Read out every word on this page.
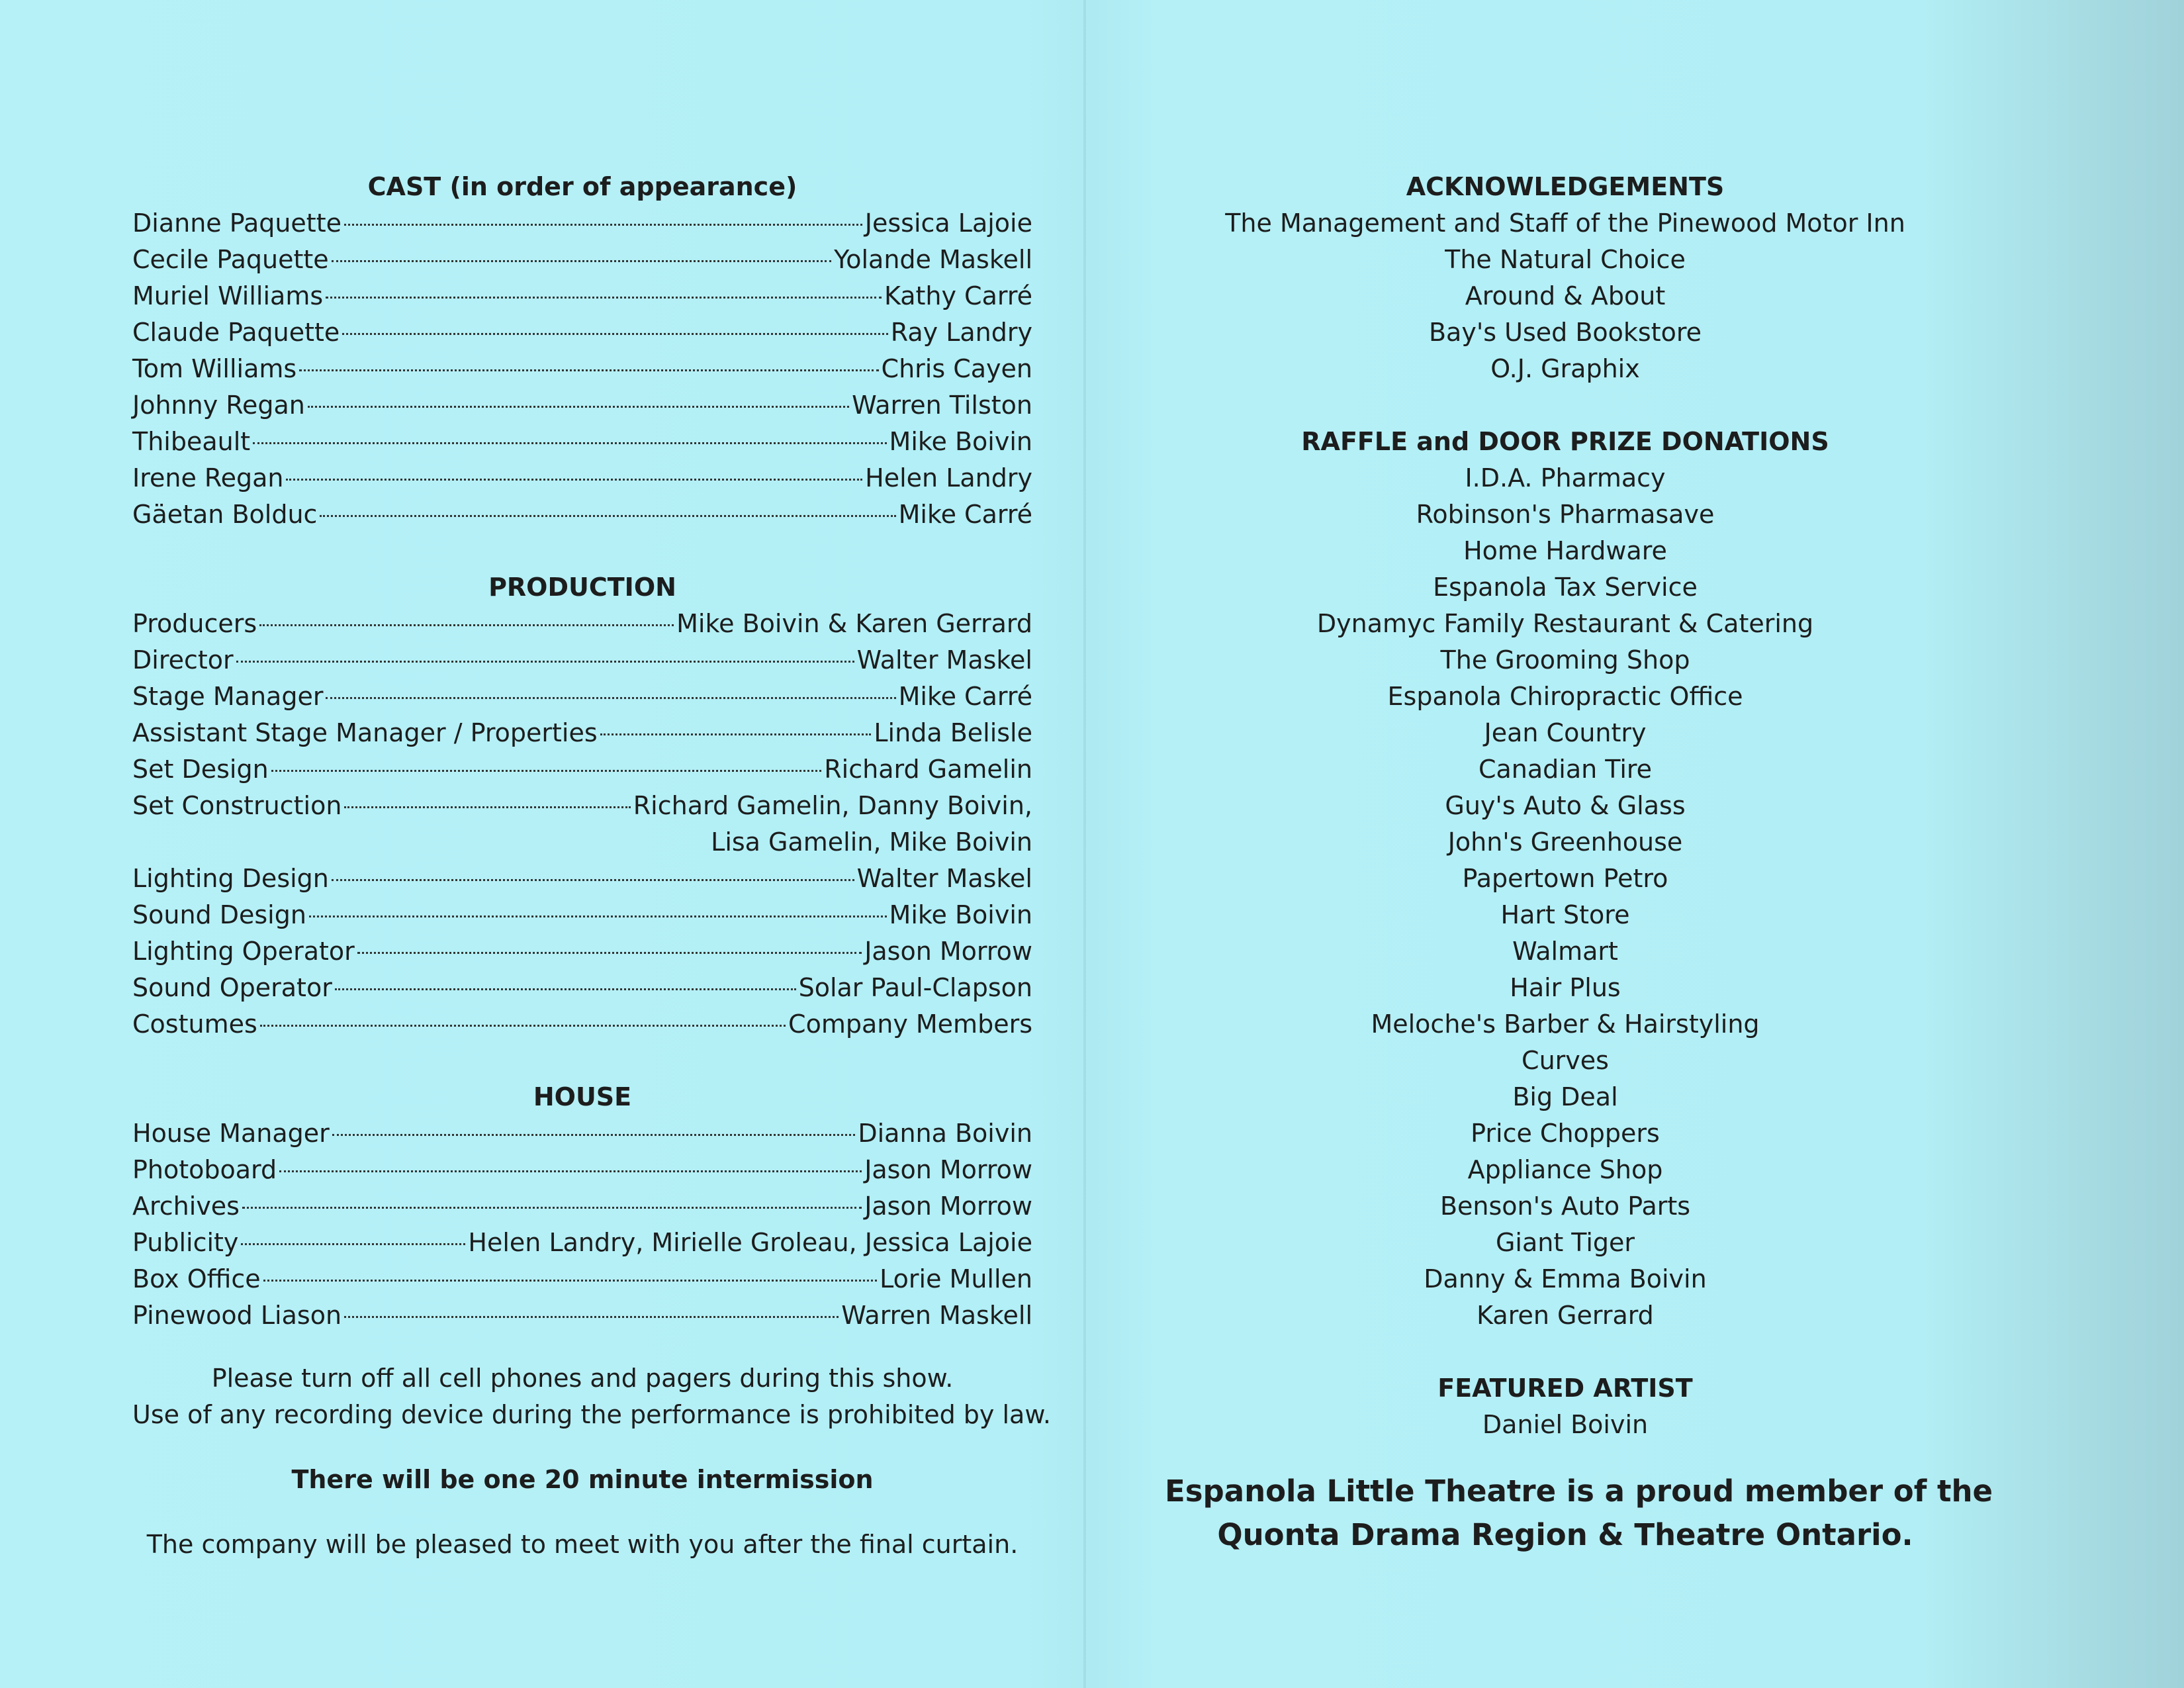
CAST (in order of appearance)
Dianne Paquette	Jessica Lajoie
Cecile Paquette	Yolande Maskell
Muriel Williams	Kathy Carré
Claude Paquette	Ray Landry
Tom Williams	Chris Cayen
Johnny Regan	Warren Tilston
Thibeault	Mike Boivin
Irene Regan	Helen Landry
Gäetan Bolduc	Mike Carré
PRODUCTION
Producers	Mike Boivin & Karen Gerrard
Director	Walter Maskel
Stage Manager	Mike Carré
Assistant Stage Manager / Properties	Linda Belisle
Set Design	Richard Gamelin
Set Construction	Richard Gamelin, Danny Boivin,
Lisa Gamelin, Mike Boivin
Lighting Design	Walter Maskel
Sound Design	Mike Boivin
Lighting Operator	Jason Morrow
Sound Operator	Solar Paul-Clapson
Costumes	Company Members
HOUSE
House Manager	Dianna Boivin
Photoboard	Jason Morrow
Archives	Jason Morrow
Publicity	Helen Landry, Mirielle Groleau, Jessica Lajoie
Box Office	Lorie Mullen
Pinewood Liason	Warren Maskell
Please turn off all cell phones and pagers during this show.
Use of any recording device during the performance is prohibited by law.
There will be one 20 minute intermission
The company will be pleased to meet with you after the final curtain.
ACKNOWLEDGEMENTS
The Management and Staff of the Pinewood Motor Inn
The Natural Choice
Around & About
Bay's Used Bookstore
O.J. Graphix
RAFFLE and DOOR PRIZE DONATIONS
I.D.A. Pharmacy
Robinson's Pharmasave
Home Hardware
Espanola Tax Service
Dynamyc Family Restaurant & Catering
The Grooming Shop
Espanola Chiropractic Office
Jean Country
Canadian Tire
Guy's Auto & Glass
John's Greenhouse
Papertown Petro
Hart Store
Walmart
Hair Plus
Meloche's Barber & Hairstyling
Curves
Big Deal
Price Choppers
Appliance Shop
Benson's Auto Parts
Giant Tiger
Danny & Emma Boivin
Karen Gerrard
FEATURED ARTIST
Daniel Boivin
Espanola Little Theatre is a proud member of the
Quonta Drama Region & Theatre Ontario.
